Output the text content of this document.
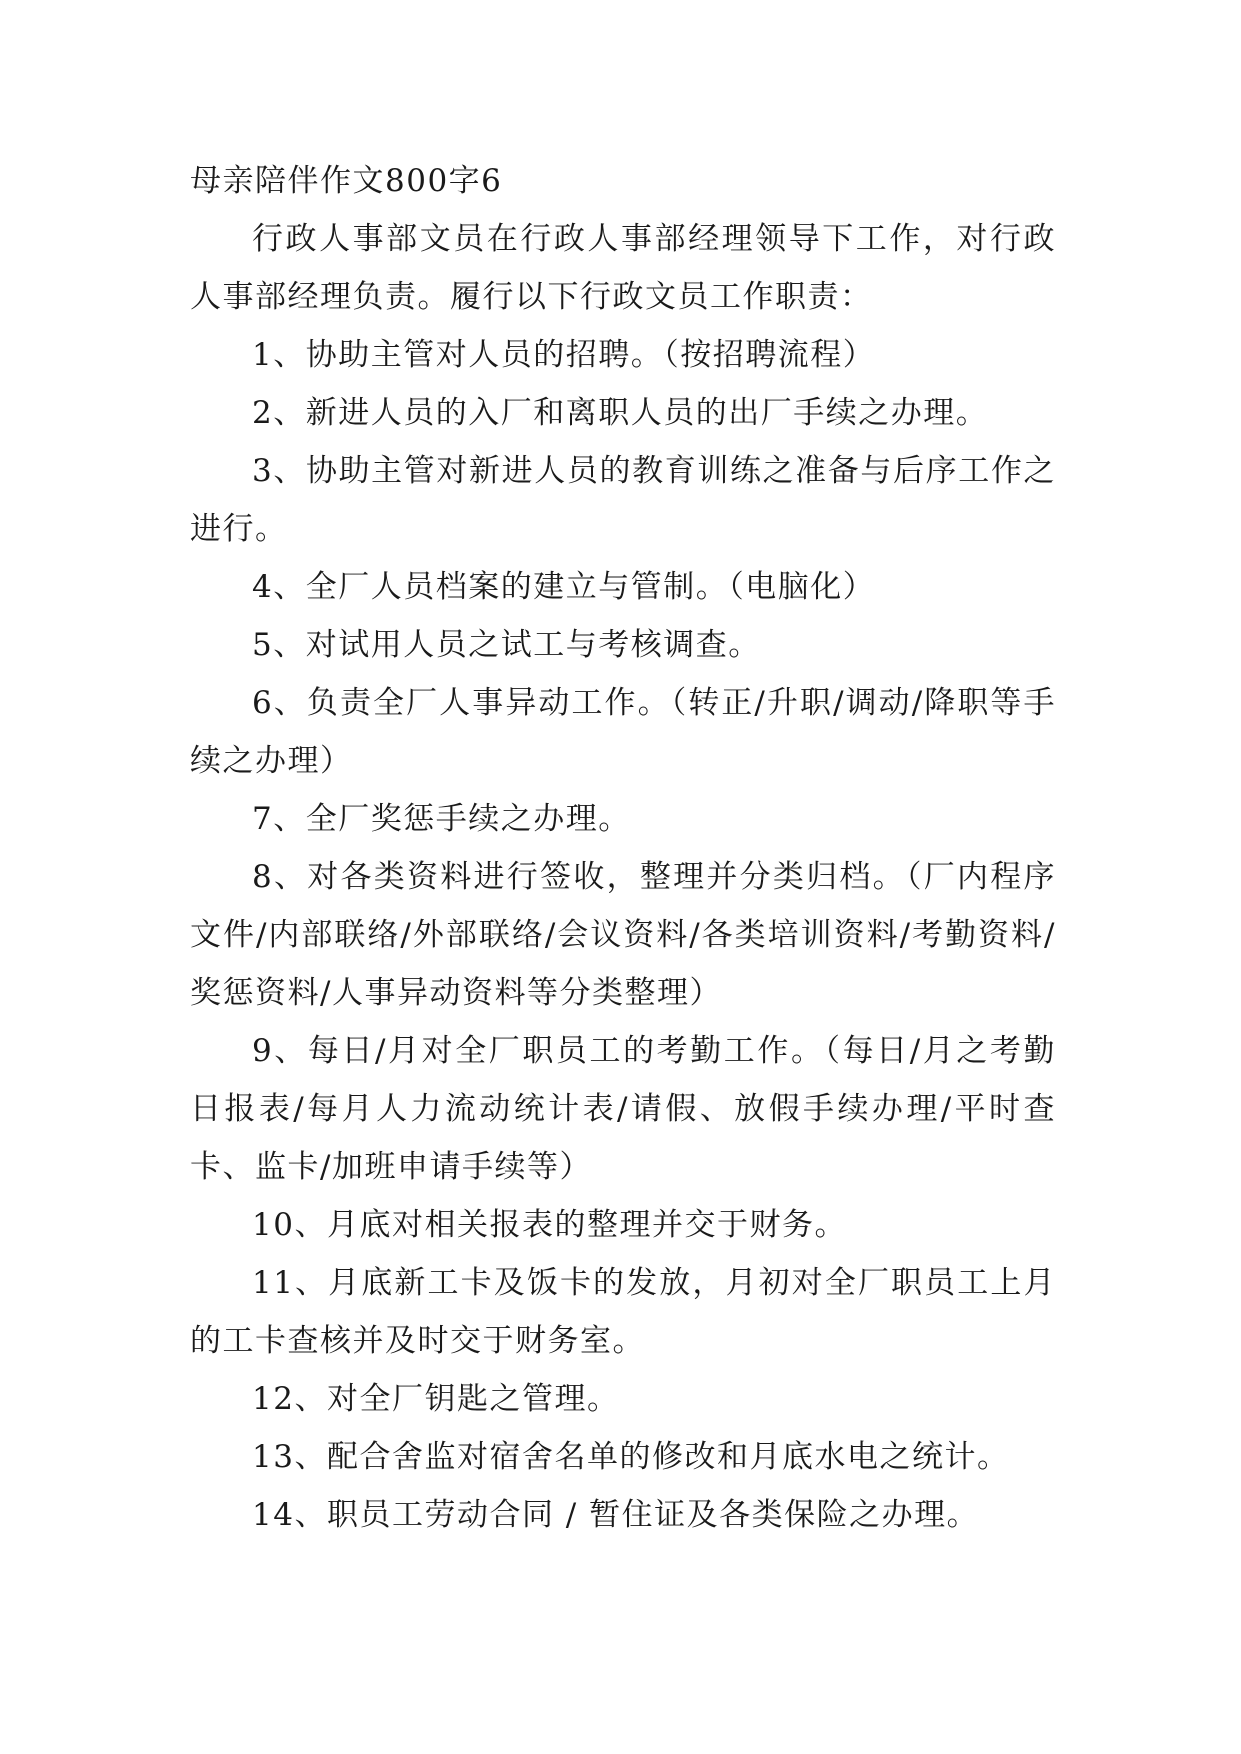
母亲陪伴作文800字6

行政人事部文员在行政人事部经理领导下工作，对行政人事部经理负责。履行以下行政文员工作职责：

1、协助主管对人员的招聘。（按招聘流程）

2、新进人员的入厂和离职人员的出厂手续之办理。

3、协助主管对新进人员的教育训练之准备与后序工作之进行。

4、全厂人员档案的建立与管制。（电脑化）

5、对试用人员之试工与考核调查。

6、负责全厂人事异动工作。（转正/升职/调动/降职等手续之办理）

7、全厂奖惩手续之办理。

8、对各类资料进行签收，整理并分类归档。（厂内程序文件/内部联络/外部联络/会议资料/各类培训资料/考勤资料/奖惩资料/人事异动资料等分类整理）

9、每日/月对全厂职员工的考勤工作。（每日/月之考勤日报表/每月人力流动统计表/请假、放假手续办理/平时查卡、监卡/加班申请手续等）

10、月底对相关报表的整理并交于财务。

11、月底新工卡及饭卡的发放，月初对全厂职员工上月的工卡查核并及时交于财务室。

12、对全厂钥匙之管理。

13、配合舍监对宿舍名单的修改和月底水电之统计。

14、职员工劳动合同 / 暂住证及各类保险之办理。
